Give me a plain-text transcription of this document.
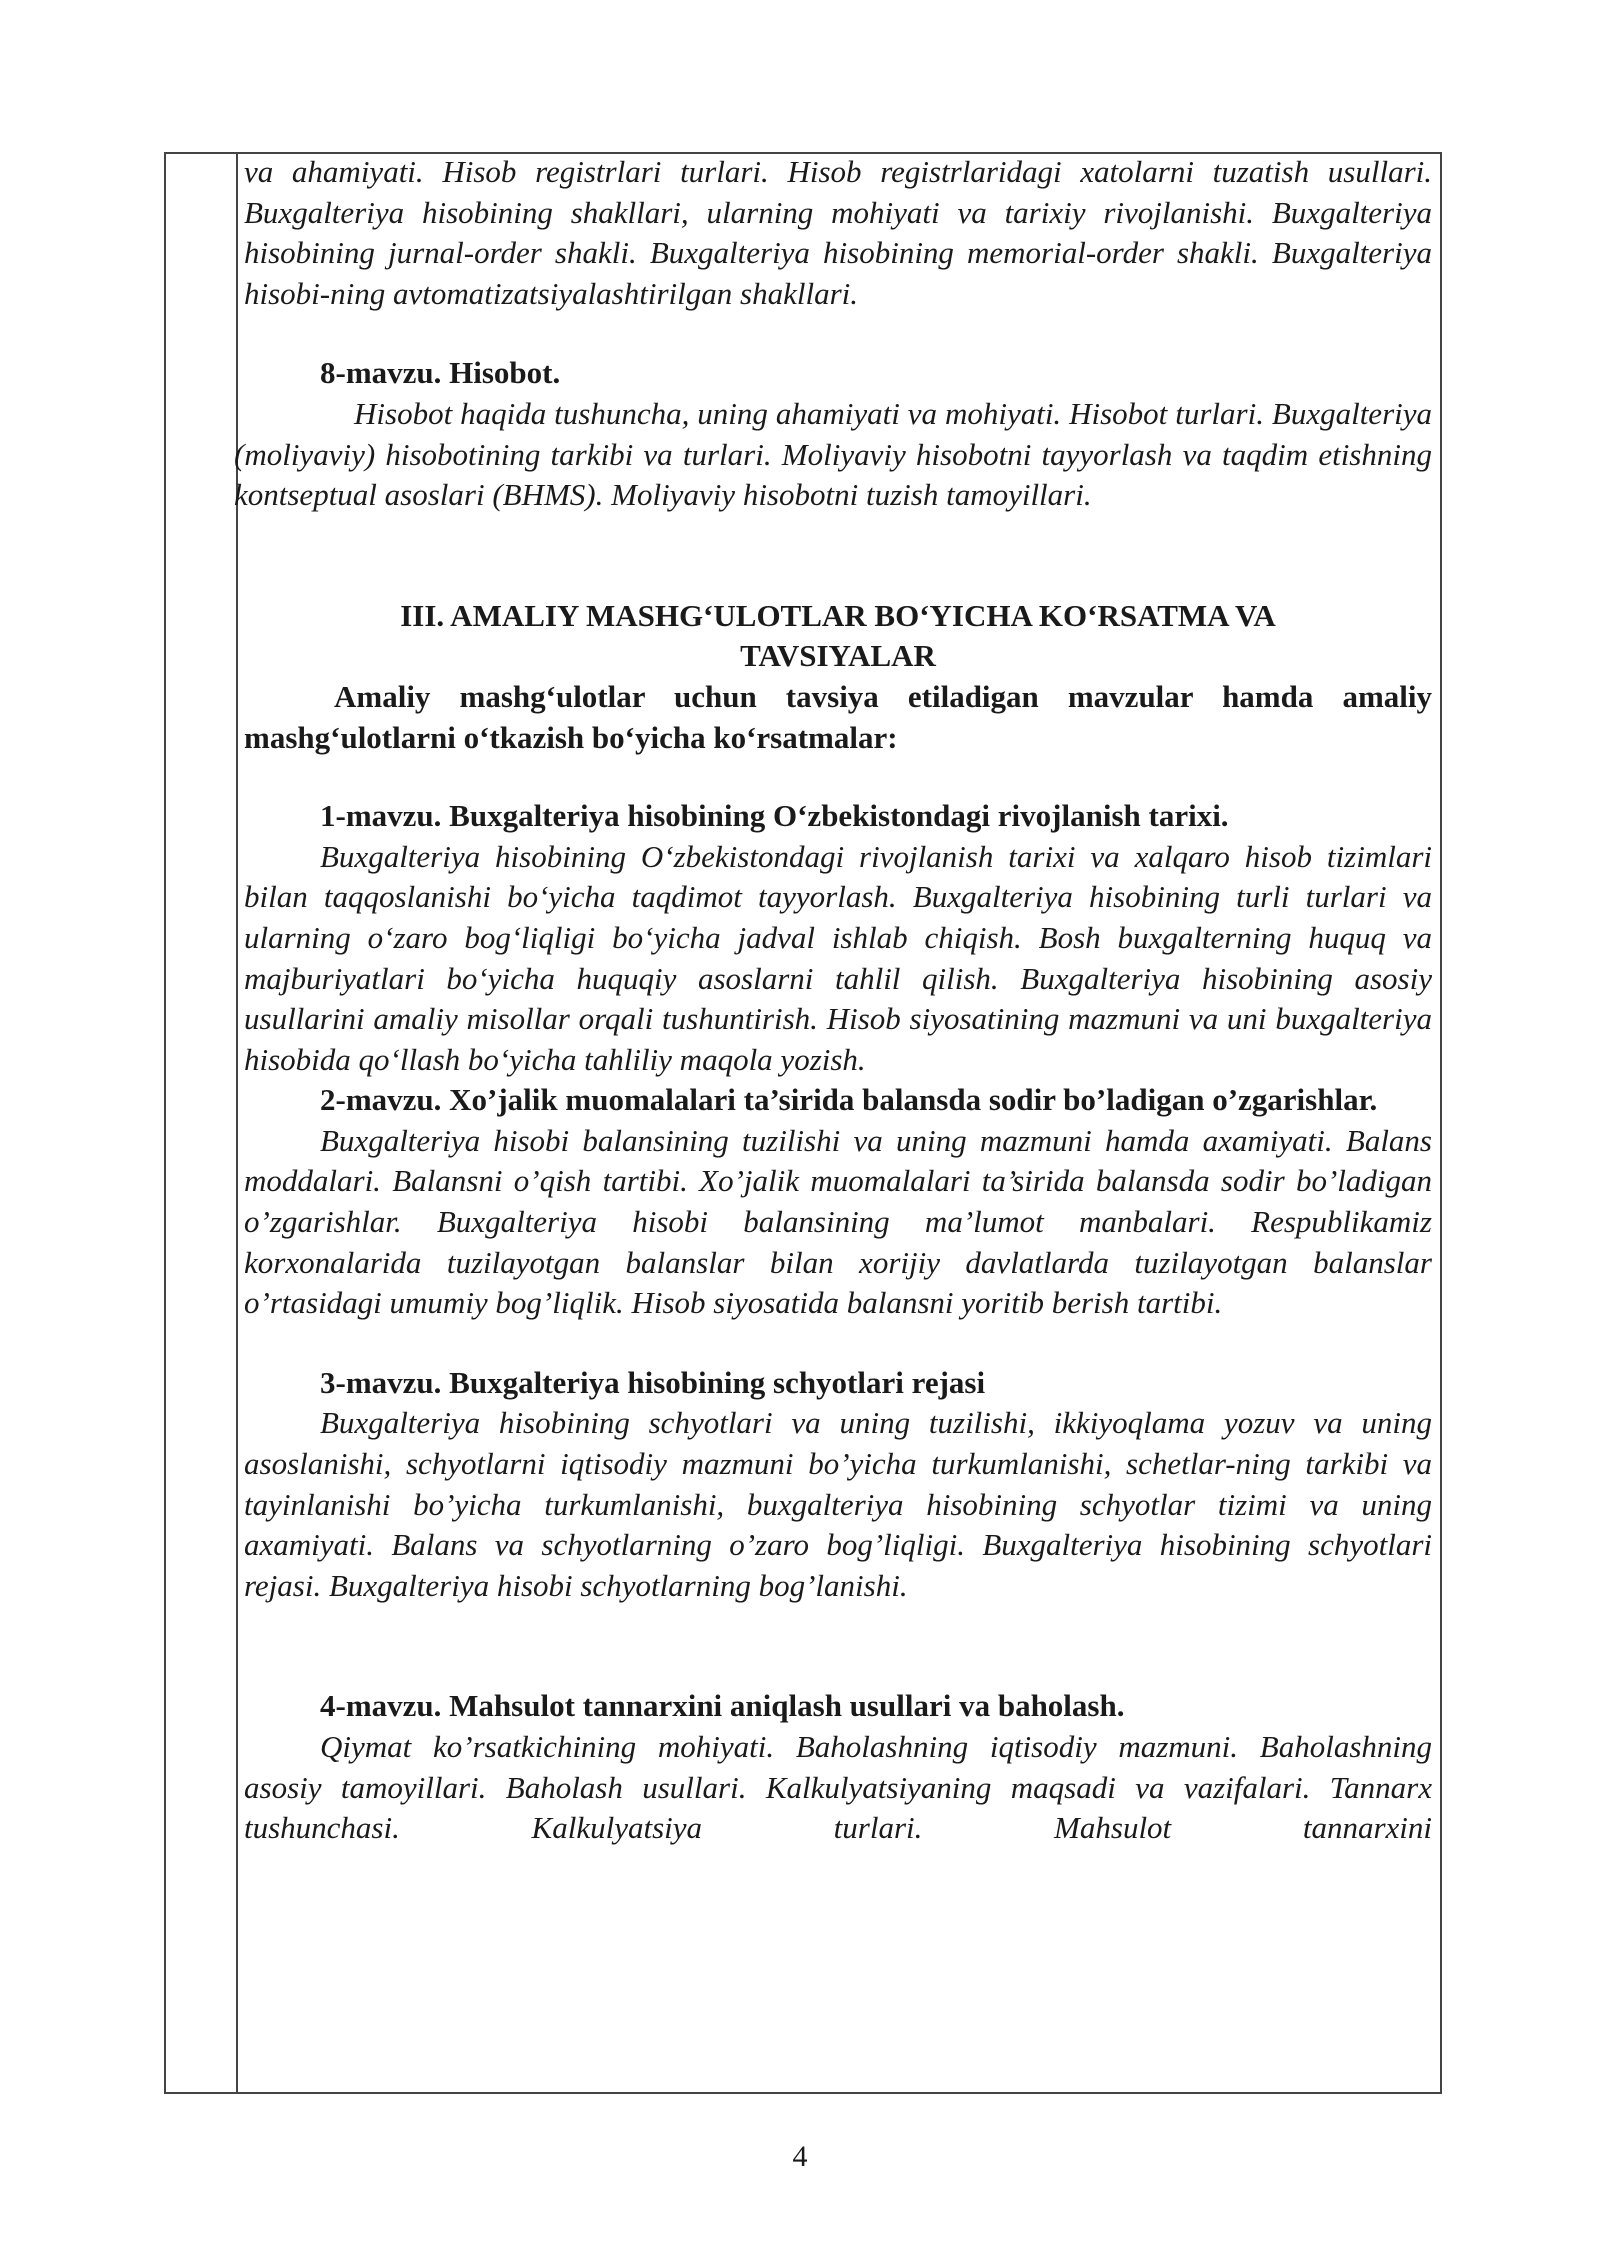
va ahamiyati. Hisob registrlari turlari. Hisob registrlaridagi xatolarni tuzatish usullari. Buxgalteriya hisobining shakllari, ularning mohiyati va tarixiy rivojlanishi. Buxgalteriya hisobining jurnal-order shakli. Buxgalteriya hisobining memorial-order shakli. Buxgalteriya hisobi-ning avtomatizatsiyalashtirilgan shakllari.

8-mavzu. Hisobot.

Hisobot haqida tushuncha, uning ahamiyati va mohiyati. Hisobot turlari. Buxgalteriya (moliyaviy) hisobotining tarkibi va turlari. Moliyaviy hisobotni tayyorlash va taqdim etishning kontseptual asoslari (BHMS). Moliyaviy hisobotni tuzish tamoyillari.

III. AMALIY MASHG‘ULOTLAR BO‘YICHA KO‘RSATMA VA

TAVSIYALAR

Amaliy mashg‘ulotlar uchun tavsiya etiladigan mavzular hamda amaliy mashg‘ulotlarni o‘tkazish bo‘yicha ko‘rsatmalar:

1-mavzu. Buxgalteriya hisobining O‘zbekistondagi rivojlanish tarixi.

Buxgalteriya hisobining O‘zbekistondagi rivojlanish tarixi va xalqaro hisob tizimlari bilan taqqoslanishi bo‘yicha taqdimot tayyorlash. Buxgalteriya hisobining turli turlari va ularning o‘zaro bog‘liqligi bo‘yicha jadval ishlab chiqish. Bosh buxgalterning huquq va majburiyatlari bo‘yicha huquqiy asoslarni tahlil qilish. Buxgalteriya hisobining asosiy usullarini amaliy misollar orqali tushuntirish. Hisob siyosatining mazmuni va uni buxgalteriya hisobida qo‘llash bo‘yicha tahliliy maqola yozish.

2-mavzu. Xo’jalik muomalalari ta’sirida balansda sodir bo’ladigan o’zgarishlar.

Buxgalteriya hisobi balansining tuzilishi va uning mazmuni hamda axamiyati. Balans moddalari. Balansni o’qish tartibi. Xo’jalik muomalalari ta’sirida balansda sodir bo’ladigan o’zgarishlar. Buxgalteriya hisobi balansining ma’lumot manbalari. Respublikamiz korxonalarida tuzilayotgan balanslar bilan xorijiy davlatlarda tuzilayotgan balanslar o’rtasidagi umumiy bog’liqlik. Hisob siyosatida balansni yoritib berish tartibi.

3-mavzu. Buxgalteriya hisobining schyotlari rejasi

Buxgalteriya hisobining schyotlari va uning tuzilishi, ikkiyoqlama yozuv va uning asoslanishi, schyotlarni iqtisodiy mazmuni bo’yicha turkumlanishi, schetlar-ning tarkibi va tayinlanishi bo’yicha turkumlanishi, buxgalteriya hisobining schyotlar tizimi va uning axamiyati. Balans va schyotlarning o’zaro bog’liqligi. Buxgalteriya hisobining schyotlari rejasi. Buxgalteriya hisobi schyotlarning bog’lanishi.

4-mavzu. Mahsulot tannarxini aniqlash usullari va baholash.

Qiymat ko’rsatkichining mohiyati. Baholashning iqtisodiy mazmuni. Baholashning asosiy tamoyillari. Baholash usullari. Kalkulyatsiyaning maqsadi va vazifalari. Tannarx tushunchasi. Kalkulyatsiya turlari. Mahsulot tannarxini

4
